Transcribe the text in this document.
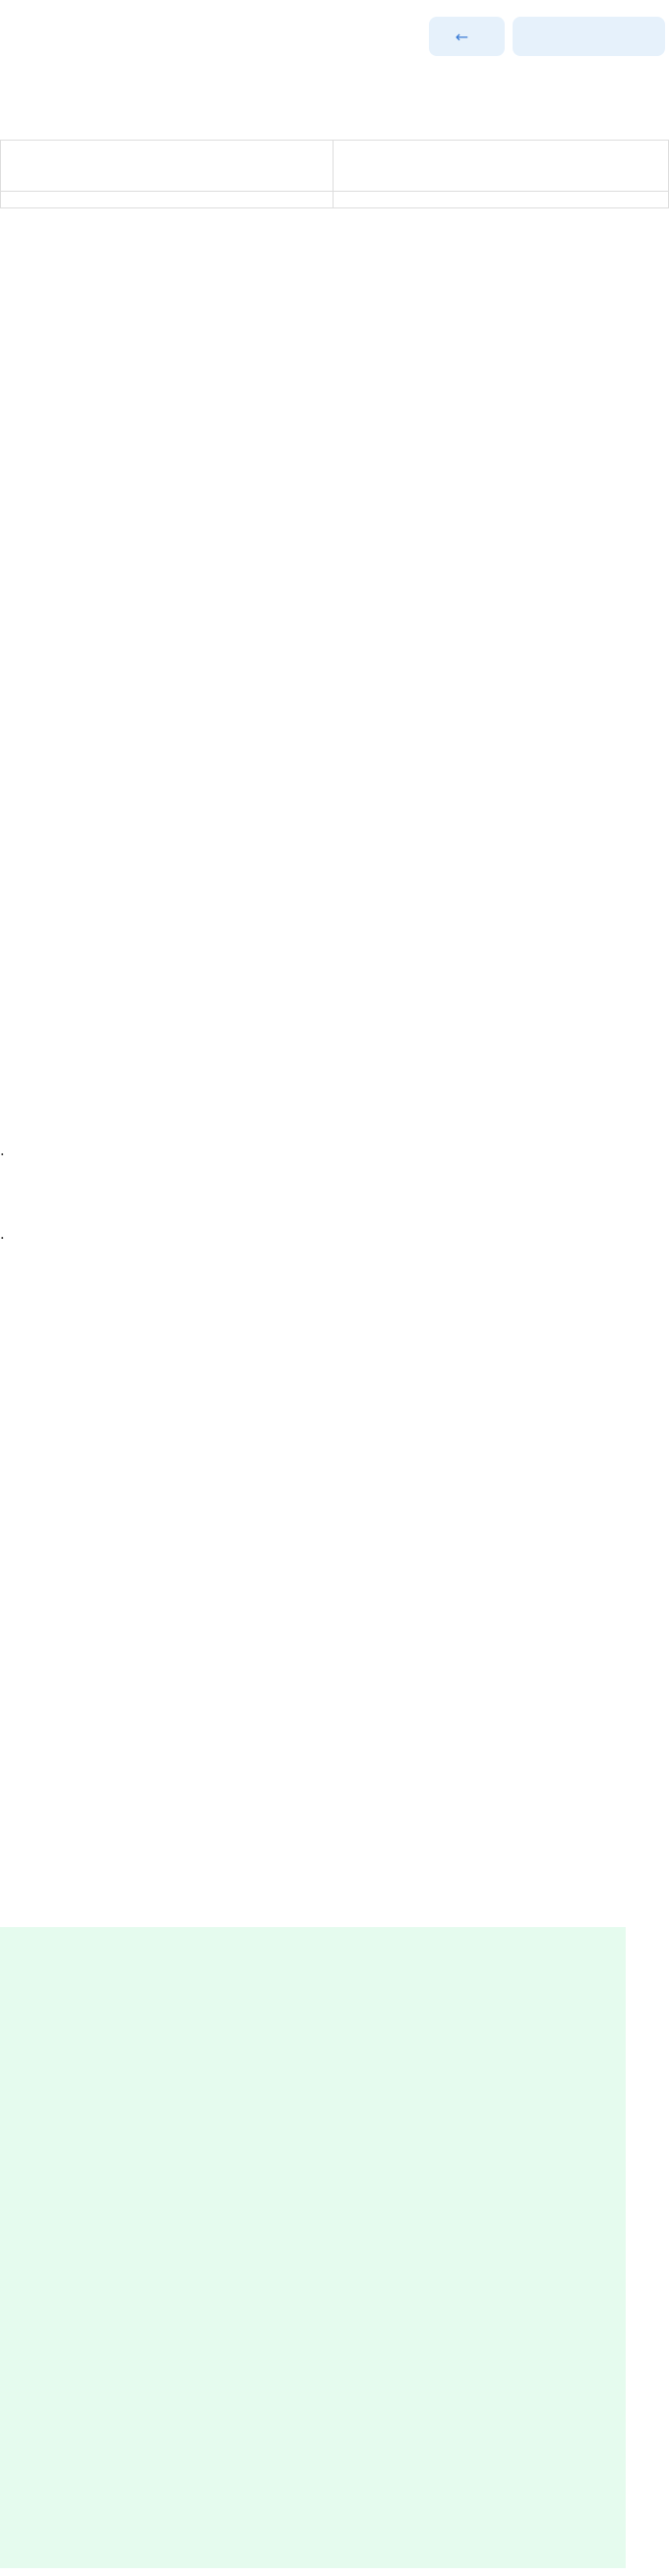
←

.
.
